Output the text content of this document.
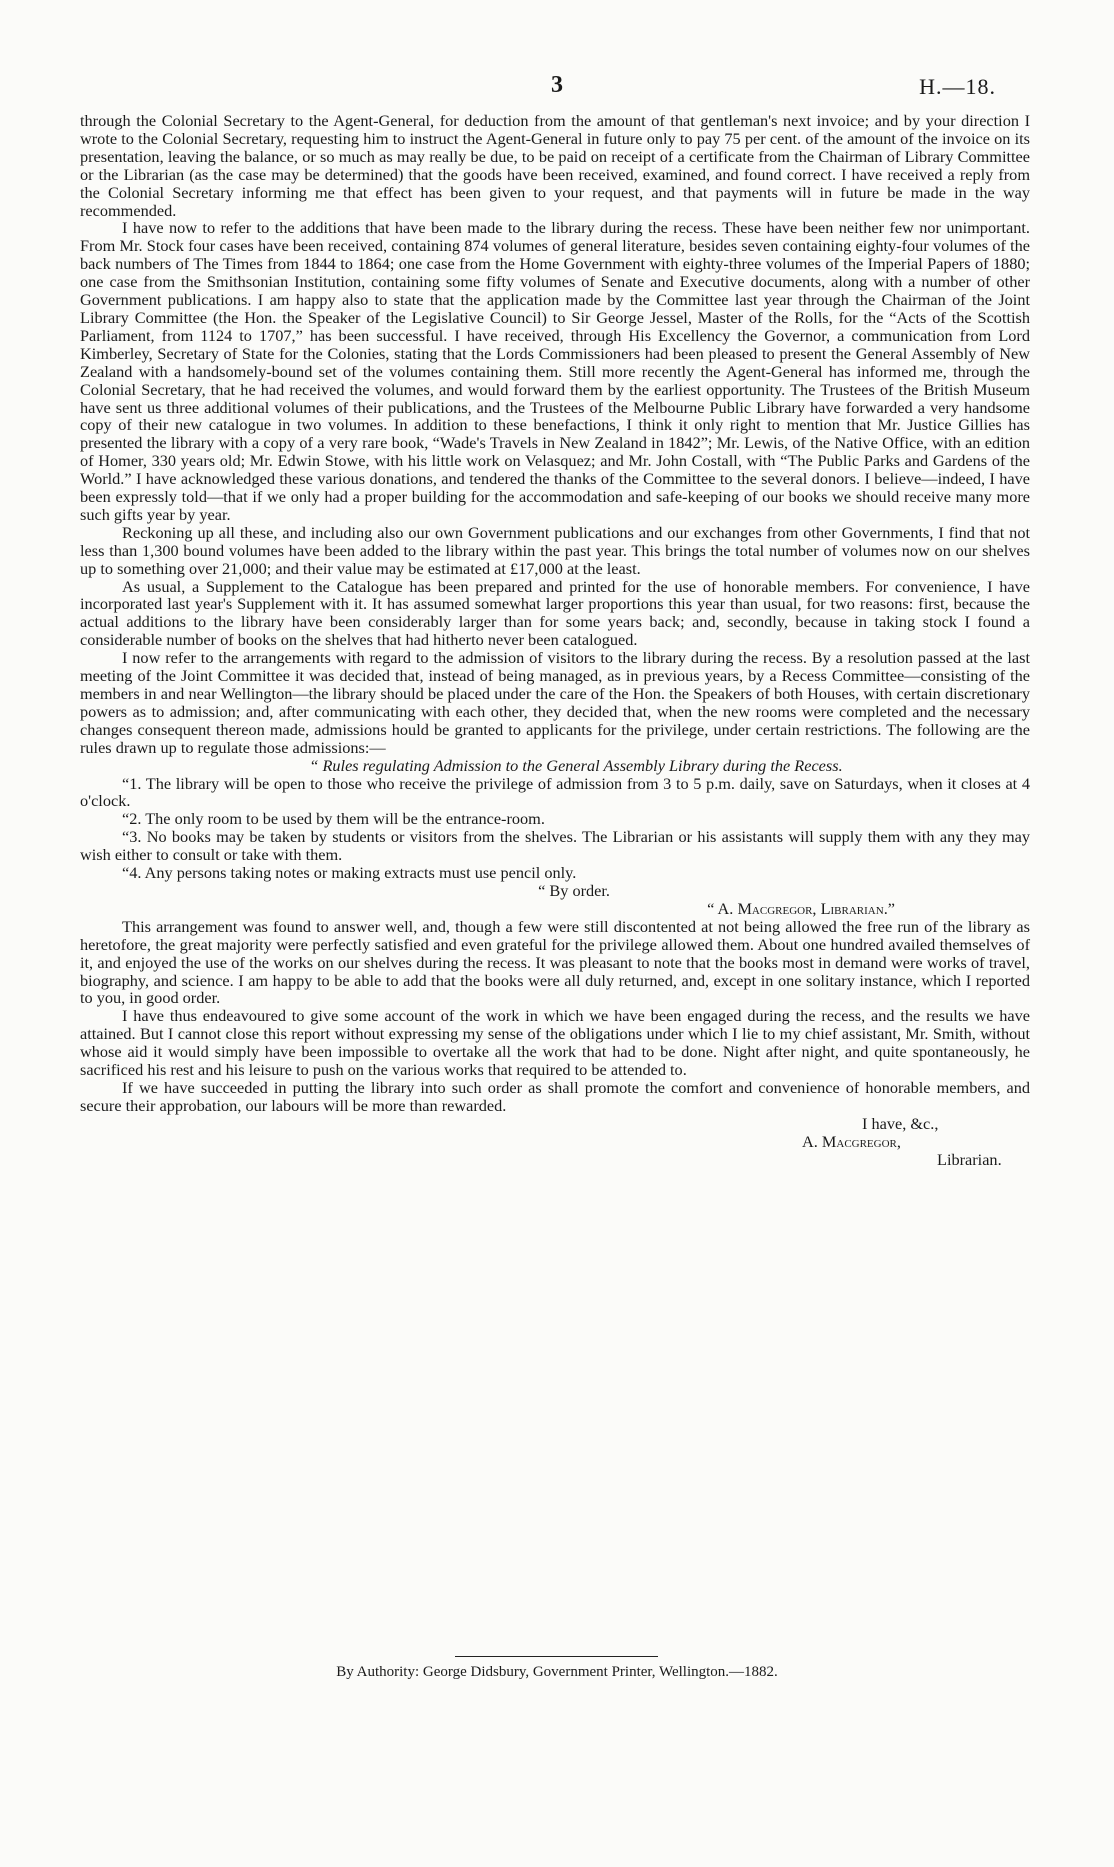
3	H.—18.

through the Colonial Secretary to the Agent-General, for deduction from the amount of that gentleman's next invoice; and by your direction I wrote to the Colonial Secretary, requesting him to instruct the Agent-General in future only to pay 75 per cent. of the amount of the invoice on its presentation, leaving the balance, or so much as may really be due, to be paid on receipt of a certificate from the Chairman of Library Committee or the Librarian (as the case may be determined) that the goods have been received, examined, and found correct. I have received a reply from the Colonial Secretary informing me that effect has been given to your request, and that payments will in future be made in the way recommended.

I have now to refer to the additions that have been made to the library during the recess. These have been neither few nor unimportant. From Mr. Stock four cases have been received, containing 874 volumes of general literature, besides seven containing eighty-four volumes of the back numbers of The Times from 1844 to 1864; one case from the Home Government with eighty-three volumes of the Imperial Papers of 1880; one case from the Smithsonian Institution, containing some fifty volumes of Senate and Executive documents, along with a number of other Government publications. I am happy also to state that the application made by the Committee last year through the Chairman of the Joint Library Committee (the Hon. the Speaker of the Legislative Council) to Sir George Jessel, Master of the Rolls, for the “Acts of the Scottish Parliament, from 1124 to 1707,” has been successful. I have received, through His Excellency the Governor, a communication from Lord Kimberley, Secretary of State for the Colonies, stating that the Lords Commissioners had been pleased to present the General Assembly of New Zealand with a handsomely-bound set of the volumes containing them. Still more recently the Agent-General has informed me, through the Colonial Secretary, that he had received the volumes, and would forward them by the earliest opportunity. The Trustees of the British Museum have sent us three additional volumes of their publications, and the Trustees of the Melbourne Public Library have forwarded a very handsome copy of their new catalogue in two volumes. In addition to these benefactions, I think it only right to mention that Mr. Justice Gillies has presented the library with a copy of a very rare book, “Wade's Travels in New Zealand in 1842”; Mr. Lewis, of the Native Office, with an edition of Homer, 330 years old; Mr. Edwin Stowe, with his little work on Velasquez; and Mr. John Costall, with “The Public Parks and Gardens of the World.” I have acknowledged these various donations, and tendered the thanks of the Committee to the several donors. I believe—indeed, I have been expressly told—that if we only had a proper building for the accommodation and safe-keeping of our books we should receive many more such gifts year by year.

Reckoning up all these, and including also our own Government publications and our exchanges from other Governments, I find that not less than 1,300 bound volumes have been added to the library within the past year. This brings the total number of volumes now on our shelves up to something over 21,000; and their value may be estimated at £17,000 at the least.

As usual, a Supplement to the Catalogue has been prepared and printed for the use of honorable members. For convenience, I have incorporated last year's Supplement with it. It has assumed somewhat larger proportions this year than usual, for two reasons: first, because the actual additions to the library have been considerably larger than for some years back; and, secondly, because in taking stock I found a considerable number of books on the shelves that had hitherto never been catalogued.

I now refer to the arrangements with regard to the admission of visitors to the library during the recess. By a resolution passed at the last meeting of the Joint Committee it was decided that, instead of being managed, as in previous years, by a Recess Committee—consisting of the members in and near Wellington—the library should be placed under the care of the Hon. the Speakers of both Houses, with certain discretionary powers as to admission; and, after communicating with each other, they decided that, when the new rooms were completed and the necessary changes consequent thereon made, admissions hould be granted to applicants for the privilege, under certain restrictions. The following are the rules drawn up to regulate those admissions:—

“ Rules regulating Admission to the General Assembly Library during the Recess.

“1. The library will be open to those who receive the privilege of admission from 3 to 5 p.m. daily, save on Saturdays, when it closes at 4 o'clock.

“2. The only room to be used by them will be the entrance-room.

“3. No books may be taken by students or visitors from the shelves. The Librarian or his assistants will supply them with any they may wish either to consult or take with them.

“4. Any persons taking notes or making extracts must use pencil only.

“ By order.

“ A. Macgregor, Librarian.”

This arrangement was found to answer well, and, though a few were still discontented at not being allowed the free run of the library as heretofore, the great majority were perfectly satisfied and even grateful for the privilege allowed them. About one hundred availed themselves of it, and enjoyed the use of the works on our shelves during the recess. It was pleasant to note that the books most in demand were works of travel, biography, and science. I am happy to be able to add that the books were all duly returned, and, except in one solitary instance, which I reported to you, in good order.

I have thus endeavoured to give some account of the work in which we have been engaged during the recess, and the results we have attained. But I cannot close this report without expressing my sense of the obligations under which I lie to my chief assistant, Mr. Smith, without whose aid it would simply have been impossible to overtake all the work that had to be done. Night after night, and quite spontaneously, he sacrificed his rest and his leisure to push on the various works that required to be attended to.

If we have succeeded in putting the library into such order as shall promote the comfort and convenience of honorable members, and secure their approbation, our labours will be more than rewarded.

I have, &c.,

A. Macgregor,

Librarian.

By Authority: George Didsbury, Government Printer, Wellington.—1882.
